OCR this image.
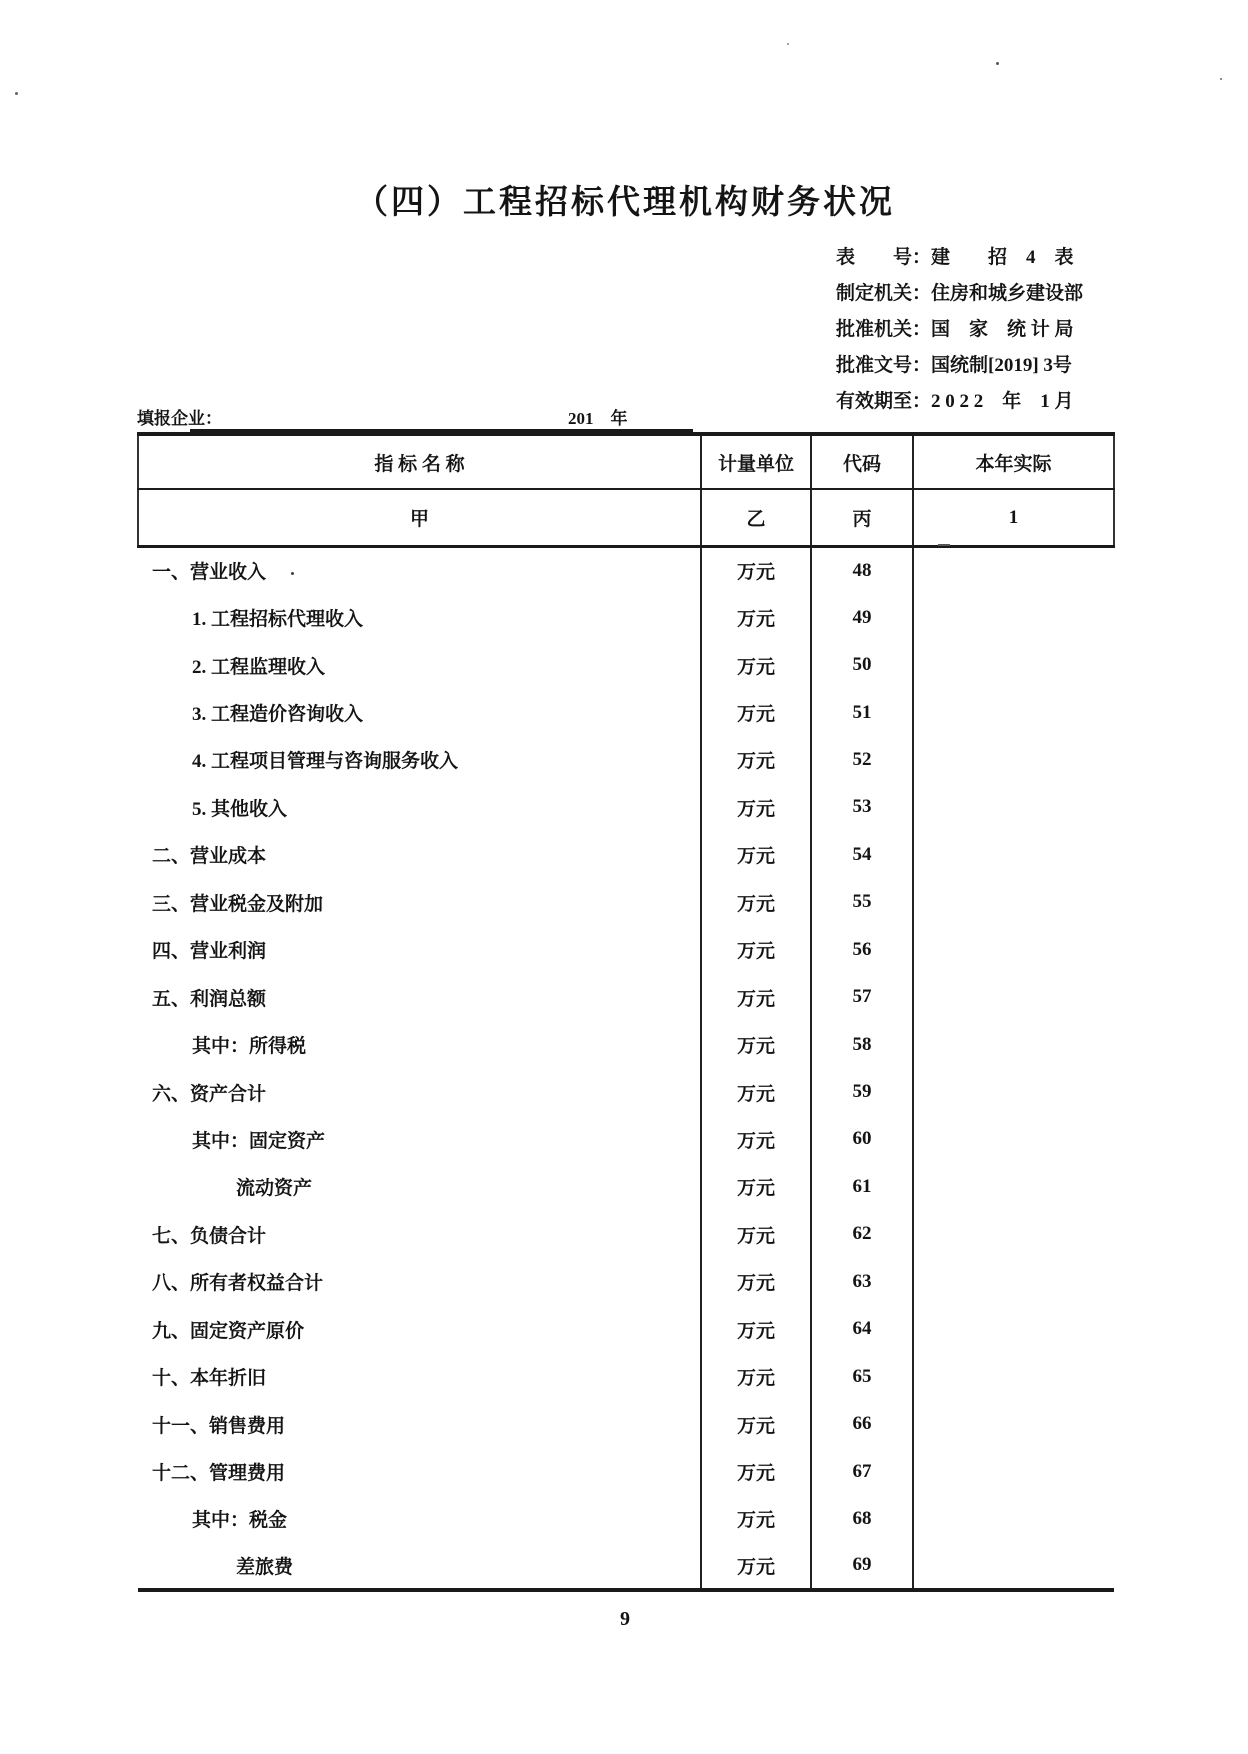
（四）工程招标代理机构财务状况
表　　号：建　　招　4　表
制定机关：住房和城乡建设部
批准机关：国　家　统 计 局
批准文号：国统制[2019] 3号
有效期至：2 0 2 2　年　1 月
填报企业：	201　年
指 标 名 称	计量单位	代码	本年实际
甲	乙	丙	1
一、营业收入	万元	48	
1. 工程招标代理收入	万元	49	
2. 工程监理收入	万元	50	
3. 工程造价咨询收入	万元	51	
4. 工程项目管理与咨询服务收入	万元	52	
5. 其他收入	万元	53	
二、营业成本	万元	54	
三、营业税金及附加	万元	55	
四、营业利润	万元	56	
五、利润总额	万元	57	
其中：所得税	万元	58	
六、资产合计	万元	59	
其中：固定资产	万元	60	
流动资产	万元	61	
七、负债合计	万元	62	
八、所有者权益合计	万元	63	
九、固定资产原价	万元	64	
十、本年折旧	万元	65	
十一、销售费用	万元	66	
十二、管理费用	万元	67	
其中：税金	万元	68	
差旅费	万元	69	
9
